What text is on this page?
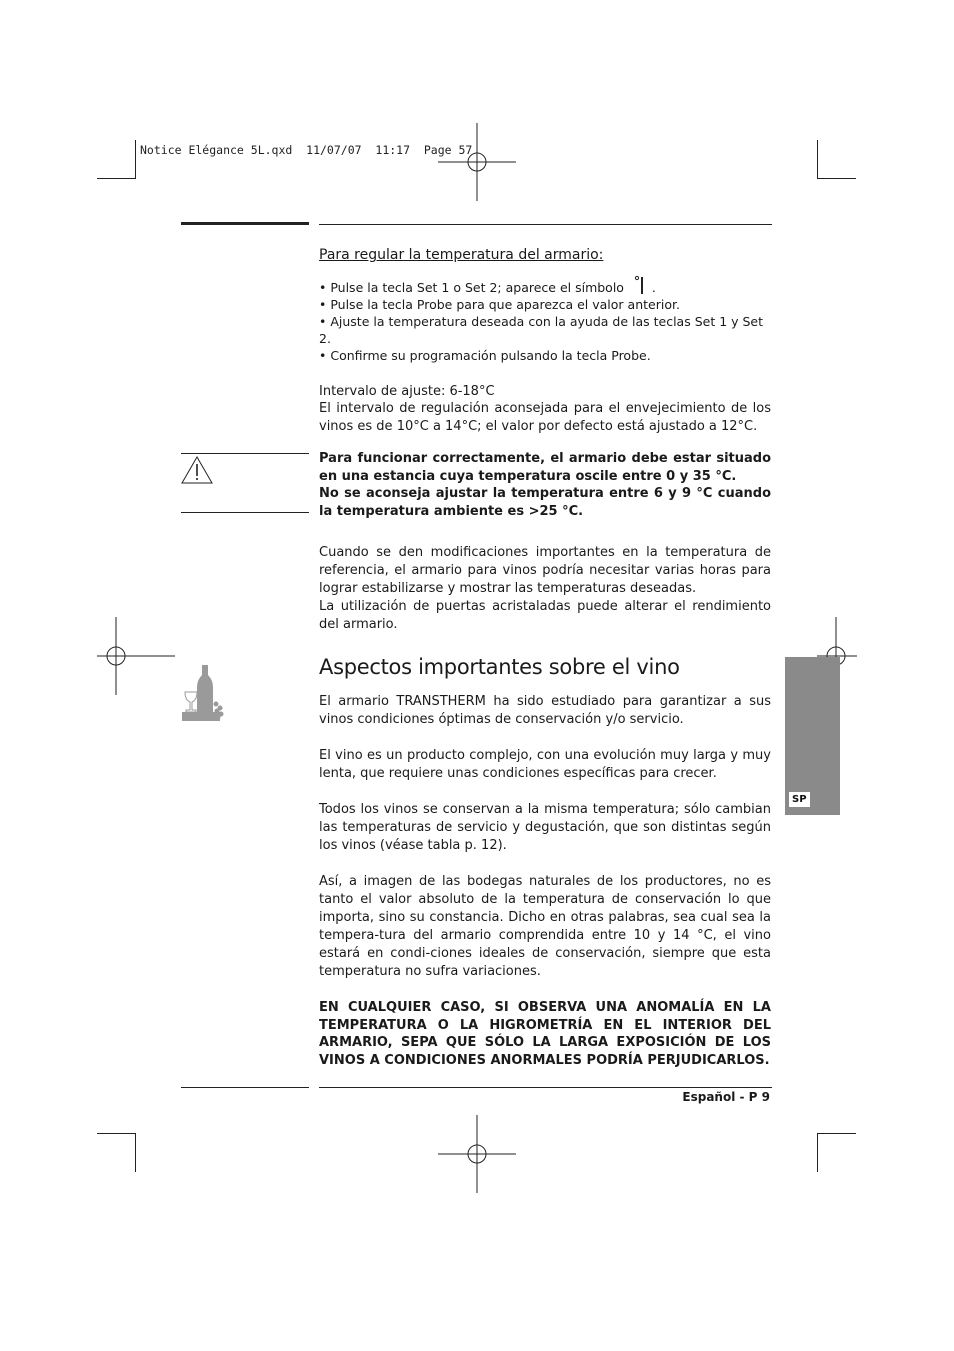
Notice Elégance 5L.qxd  11/07/07  11:17  Page 57

Para regular la temperatura del armario:

• Pulse la tecla Set 1 o Set 2; aparece el símbolo .
• Pulse la tecla Probe para que aparezca el valor anterior.
• Ajuste la temperatura deseada con la ayuda de las teclas Set 1 y Set 2.
• Confirme su programación pulsando la tecla Probe.

Intervalo de ajuste: 6-18°C

El intervalo de regulación aconsejada para el envejecimiento de los vinos es de 10°C a 14°C; el valor por defecto está ajustado a 12°C.

Para funcionar correctamente, el armario debe estar situado en una estancia cuya temperatura oscile entre 0 y 35 °C.

No se aconseja ajustar la temperatura entre 6 y 9 °C cuando la temperatura ambiente es >25 °C.

Cuando se den modificaciones importantes en la temperatura de referencia, el armario para vinos podría necesitar varias horas para lograr estabilizarse y mostrar las temperaturas deseadas.

La utilización de puertas acristaladas puede alterar el rendimiento del armario.

Aspectos importantes sobre el vino

El armario TRANSTHERM ha sido estudiado para garantizar a sus vinos condiciones óptimas de conservación y/o servicio.

El vino es un producto complejo, con una evolución muy larga y muy lenta, que requiere unas condiciones específicas para crecer.

Todos los vinos se conservan a la misma temperatura; sólo cambian las temperaturas de servicio y degustación, que son distintas según los vinos (véase tabla p. 12).

Así, a imagen de las bodegas naturales de los productores, no es tanto el valor absoluto de la temperatura de conservación lo que importa, sino su constancia. Dicho en otras palabras, sea cual sea la tempera-tura del armario comprendida entre 10 y 14 °C, el vino estará en condi-ciones ideales de conservación, siempre que esta temperatura no sufra variaciones.

EN CUALQUIER CASO, SI OBSERVA UNA ANOMALÍA EN LA TEMPERATURA O LA HIGROMETRÍA EN EL INTERIOR DEL ARMARIO, SEPA QUE SÓLO LA LARGA EXPOSICIÓN DE LOS VINOS A CONDICIONES ANORMALES PODRÍA PERJUDICARLOS.

SP
Español - P 9
